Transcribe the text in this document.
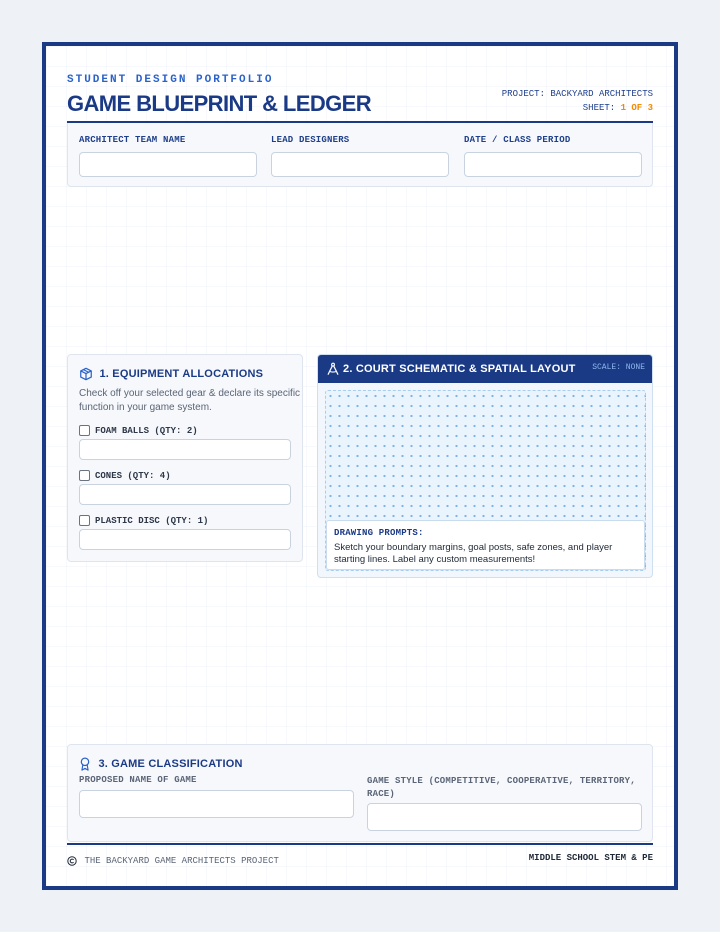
STUDENT DESIGN PORTFOLIO
GAME BLUEPRINT & LEDGER	PROJECT: BACKYARD ARCHITECTS
SHEET: 1 OF 3
ARCHITECT TEAM NAME	LEAD DESIGNERS	DATE / CLASS PERIOD
1. EQUIPMENT ALLOCATIONS
Check off your selected gear & declare its specific function in your game system.
FOAM BALLS (QTY: 2)
CONES (QTY: 4)
PLASTIC DISC (QTY: 1)
2. COURT SCHEMATIC & SPATIAL LAYOUT SCALE: NONE
DRAWING PROMPTS:
Sketch your boundary margins, goal posts, safe zones, and player starting lines. Label any custom measurements!
3. GAME CLASSIFICATION
PROPOSED NAME OF GAME	GAME STYLE (COMPETITIVE, COOPERATIVE, TERRITORY, RACE)
THE BACKYARD GAME ARCHITECTS PROJECT	MIDDLE SCHOOL STEM & PE
